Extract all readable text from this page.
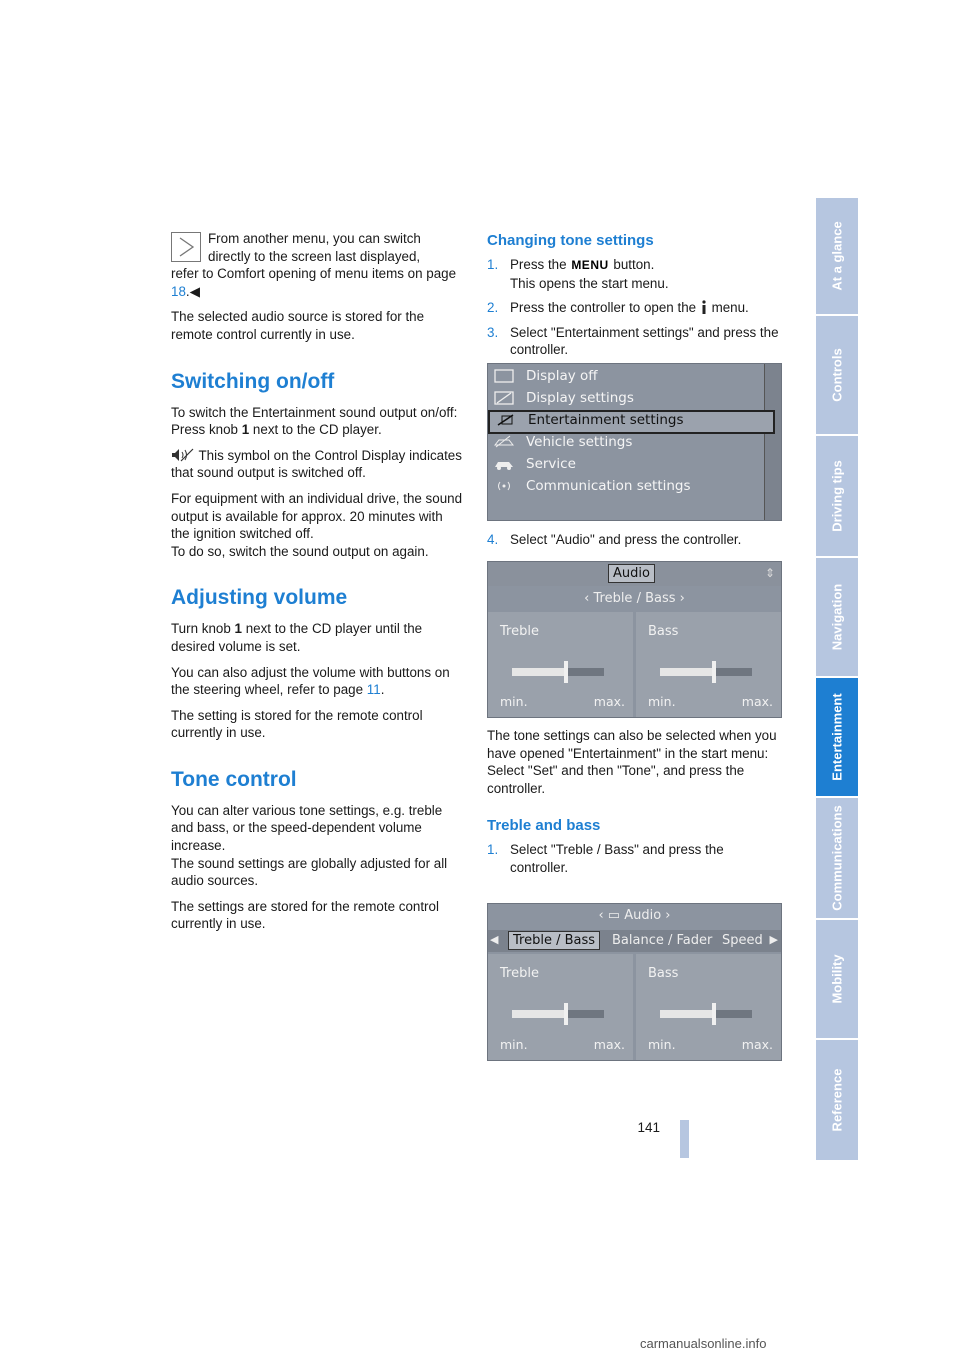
From another menu, you can switch

directly to the screen last displayed,

refer to Comfort opening of menu items on page 18.◀

The selected audio source is stored for the remote control currently in use.

Switching on/off

To switch the Entertainment sound output on/off:
Press knob 1 next to the CD player.

This symbol on the Control Display indicates that sound output is switched off.

For equipment with an individual drive, the sound output is available for approx. 20 minutes with the ignition switched off.
To do so, switch the sound output on again.

Adjusting volume

Turn knob 1 next to the CD player until the desired volume is set.

You can also adjust the volume with buttons on the steering wheel, refer to page 11.

The setting is stored for the remote control currently in use.

Tone control

You can alter various tone settings, e.g. treble and bass, or the speed-dependent volume increase.
The sound settings are globally adjusted for all audio sources.

The settings are stored for the remote control currently in use.

Changing tone settings
1. Press the MENU button.
This opens the start menu.
2. Press the controller to open the menu.
3. Select "Entertainment settings" and press the controller.
Display off
Display settings
Entertainment settings
Vehicle settings
Service
Communication settings
4. Select "Audio" and press the controller.
Audio	⇕
‹ Treble / Bass ›
Treble
min.	max.
Bass
min.	max.

The tone settings can also be selected when you have opened "Entertainment" in the start menu:
Select "Set" and then "Tone", and press the controller.

Treble and bass
1. Select "Treble / Bass" and press the controller.
‹ ▭ Audio ›
◀	Treble / Bass	Balance / Fader Speed ▶
Treble
min.	max.
Bass
min.	max.
At a glance
Controls
Driving tips
Navigation
Entertainment
Communications
Mobility
Reference
141
carmanualsonline.info
